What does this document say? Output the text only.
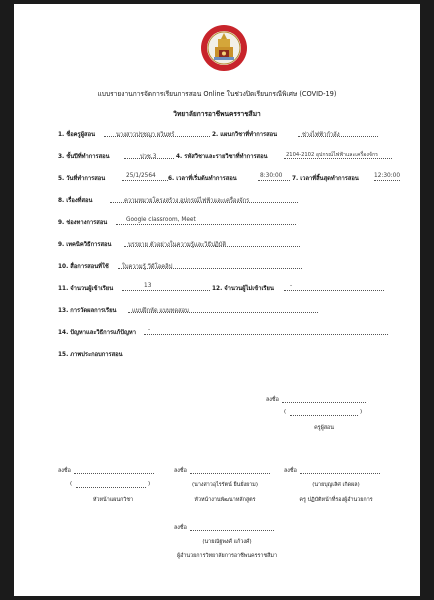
แบบรายงานการจัดการเรียนการสอน Online ในช่วงปิดเรียนกรณีพิเศษ (COVID-19)
วิทยาลัยการอาชีพนครราชสีมา
1. ชื่อครูผู้สอน	นางสาวปรุชญา ผวินทร์	2. แผนกวิชาที่ทำการสอน	ช่างไฟฟ้ากำลัง
3. ชั้นปีที่ทำการสอน	ปวช.3	4. รหัสวิชาและรายวิชาที่ทำการสอน	2104-2102 อุปกรณ์ไฟฟ้าและเครื่องจักร
5. วันที่ทำการสอน	25/1/2564 6. เวลาที่เริ่มต้นทำการสอน	8:30:00 7. เวลาที่สิ้นสุดทำการสอน	12:30:00
8. เรื่องที่สอน	ความหมายโครงสร้าง อุปกรณ์ไฟฟ้าและเครื่องจักร
9. ช่องทางการสอน	Google classroom, Meet
9. เทคนิควิธีการสอน	บรรยาย ตัวอย่างในความรู้และวิธีปฏิบัติ
10. สื่อการสอนที่ใช้ ใบความรู้ วีดีโอคลิป
11. จำนวนผู้เข้าเรียน	13	12. จำนวนผู้ไม่เข้าเรียน	-
13. การวัดผลการเรียน	แบบฝึกหัด แบบทดสอบ
14. ปัญหาและวิธีการแก้ปัญหา -
15. ภาพประกอบการสอน
ลงชื่อ
(	)
ครูผู้สอน
ลงชื่อ
(	)
หัวหน้าแผนกวิชา
ลงชื่อ
(นางสาวอุไรรัตน์ ยืนยั่งยาม)
หัวหน้างานพัฒนาหลักสูตร
ลงชื่อ
(นายบุญเลิศ เกิดผล)
ครู ปฏิบัติหน้าที่รองผู้อำนวยการ
ลงชื่อ
(นายณัฐพงศ์ แก้วงศ์)
ผู้อำนวยการวิทยาลัยการอาชีพนครราชสีมา
